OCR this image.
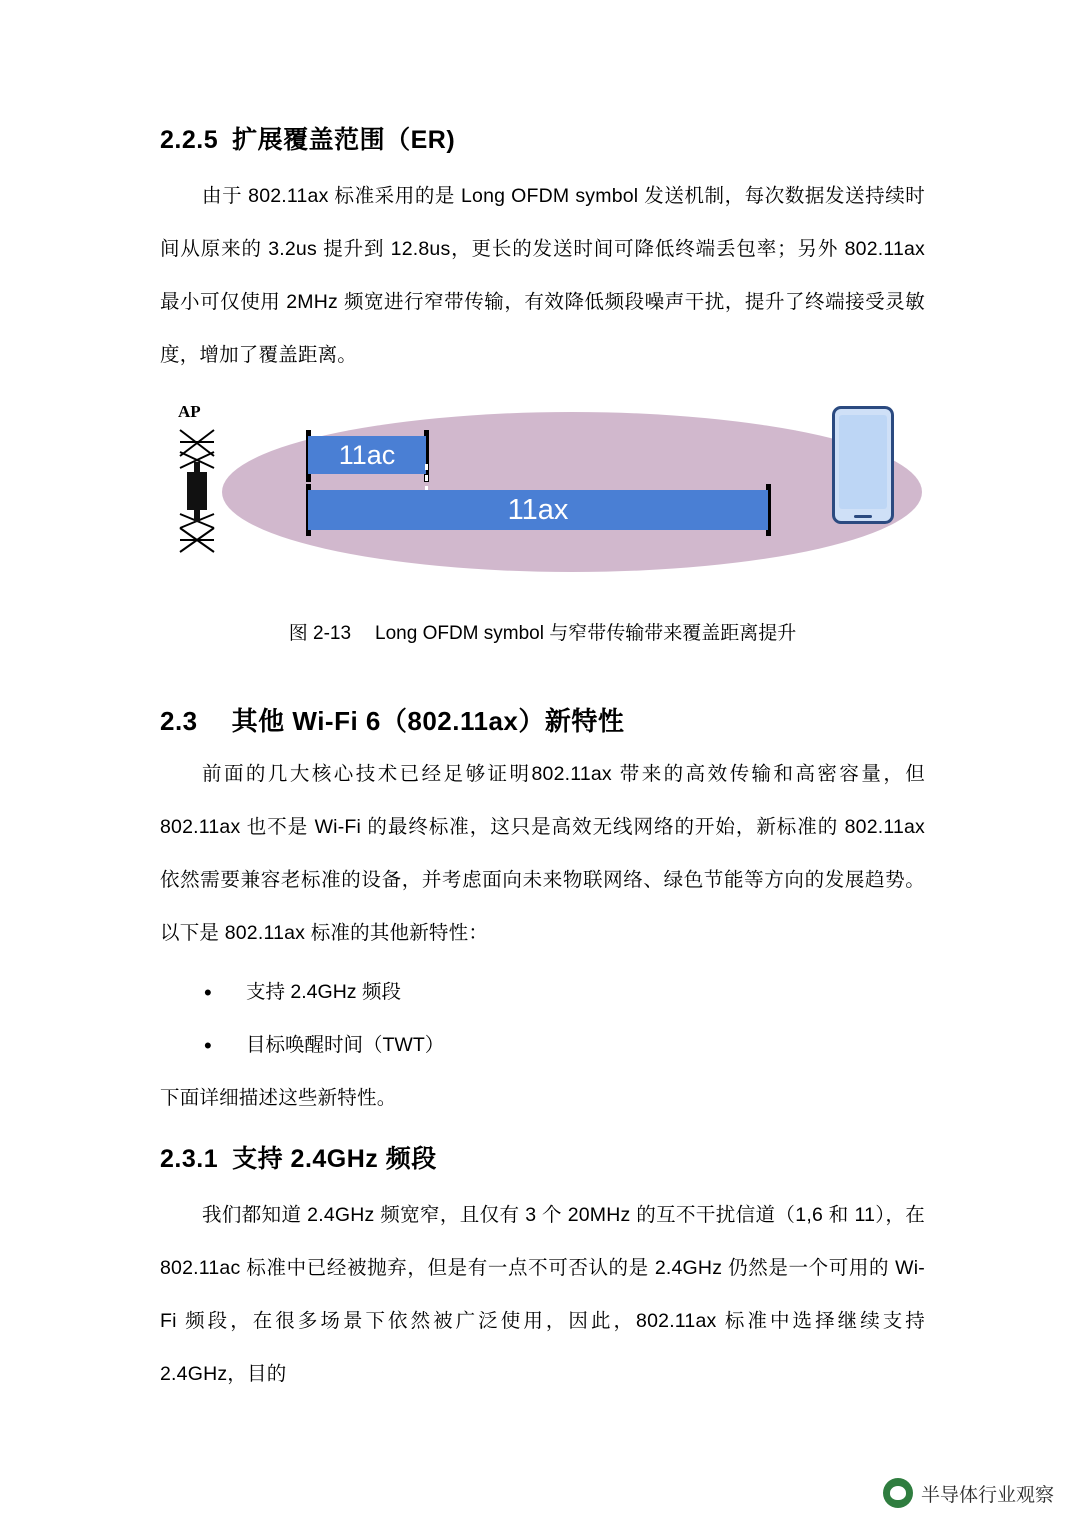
2.2.5 扩展覆盖范围（ER)

由于 802.11ax 标准采用的是 Long OFDM symbol 发送机制，每次数据发送持续时间从原来的 3.2us 提升到 12.8us，更长的发送时间可降低终端丢包率；另外 802.11ax 最小可仅使用 2MHz 频宽进行窄带传输，有效降低频段噪声干扰，提升了终端接受灵敏度，增加了覆盖距离。

AP
11ac
11ax
图 2-13 Long OFDM symbol 与窄带传输带来覆盖距离提升
2.3 其他 Wi-Fi 6（802.11ax）新特性

前面的几大核心技术已经足够证明802.11ax 带来的高效传输和高密容量，但802.11ax 也不是 Wi-Fi 的最终标准，这只是高效无线网络的开始，新标准的 802.11ax 依然需要兼容老标准的设备，并考虑面向未来物联网络、绿色节能等方向的发展趋势。以下是 802.11ax 标准的其他新特性：

• 支持 2.4GHz 频段
• 目标唤醒时间（TWT）

下面详细描述这些新特性。

2.3.1 支持 2.4GHz 频段

我们都知道 2.4GHz 频宽窄，且仅有 3 个 20MHz 的互不干扰信道（1,6 和 11），在 802.11ac 标准中已经被抛弃，但是有一点不可否认的是 2.4GHz 仍然是一个可用的 Wi-Fi 频段，在很多场景下依然被广泛使用，因此，802.11ax 标准中选择继续支持 2.4GHz，目的

半导体行业观察
